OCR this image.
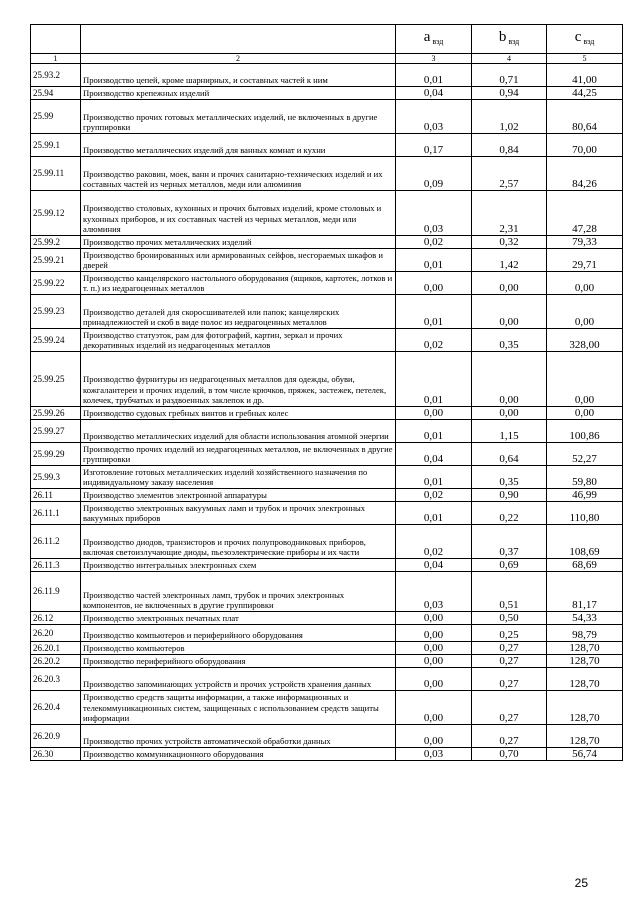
		a $_{вэд}$	b $_{вэд}$	c $_{вэд}$
1	2	3	4	5
25.93.2	Производство цепей, кроме шарнирных, и составных частей к ним	0,01	0,71	41,00
25.94	Производство крепежных изделий	0,04	0,94	44,25
25.99	Производство прочих готовых металлических изделий, не включенных в другие группировки	0,03	1,02	80,64
25.99.1	Производство металлических изделий для ванных комнат и кухни	0,17	0,84	70,00
25.99.11	Производство раковин, моек, ванн и прочих санитарно-технических изделий и их составных частей из черных металлов, меди или алюминия	0,09	2,57	84,26
25.99.12	Производство столовых, кухонных и прочих бытовых изделий, кроме столовых и кухонных приборов, и их составных частей из черных металлов, меди или алюминия	0,03	2,31	47,28
25.99.2	Производство прочих металлических изделий	0,02	0,32	79,33
25.99.21	Производство бронированных или армированных сейфов, несгораемых шкафов и дверей	0,01	1,42	29,71
25.99.22	Производство канцелярского настольного оборудования (ящиков, картотек, лотков и т. п.) из недрагоценных металлов	0,00	0,00	0,00
25.99.23	Производство деталей для скоросшивателей или папок; канцелярских принадлежностей и скоб в виде полос из недрагоценных металлов	0,01	0,00	0,00
25.99.24	Производство статуэток, рам для фотографий, картин, зеркал и прочих декоративных изделий из недрагоценных металлов	0,02	0,35	328,00
25.99.25	Производство фурнитуры из недрагоценных металлов для одежды, обуви, кожгалантереи и прочих изделий, в том числе крючков, пряжек, застежек, петелек, колечек, трубчатых и раздвоенных заклепок и др.	0,01	0,00	0,00
25.99.26	Производство судовых гребных винтов и гребных колес	0,00	0,00	0,00
25.99.27	Производство металлических изделий для области использования атомной энергии	0,01	1,15	100,86
25.99.29	Производство прочих изделий из недрагоценных металлов, не включенных в другие группировки	0,04	0,64	52,27
25.99.3	Изготовление готовых металлических изделий хозяйственного назначения по индивидуальному заказу населения	0,01	0,35	59,80
26.11	Производство элементов электронной аппаратуры	0,02	0,90	46,99
26.11.1	Производство электронных вакуумных ламп и трубок и прочих электронных вакуумных приборов	0,01	0,22	110,80
26.11.2	Производство диодов, транзисторов и прочих полупроводниковых приборов, включая светоизлучающие диоды, пьезоэлектрические приборы и их части	0,02	0,37	108,69
26.11.3	Производство интегральных электронных схем	0,04	0,69	68,69
26.11.9	Производство частей электронных ламп, трубок и прочих электронных компонентов, не включенных в другие группировки	0,03	0,51	81,17
26.12	Производство электронных печатных плат	0,00	0,50	54,33
26.20	Производство компьютеров и периферийного оборудования	0,00	0,25	98,79
26.20.1	Производство компьютеров	0,00	0,27	128,70
26.20.2	Производство периферийного оборудования	0,00	0,27	128,70
26.20.3	Производство запоминающих устройств и прочих устройств хранения данных	0,00	0,27	128,70
26.20.4	Производство средств защиты информации, а также информационных и телекоммуникационных систем, защищенных с использованием средств защиты информации	0,00	0,27	128,70
26.20.9	Производство прочих устройств автоматической обработки данных	0,00	0,27	128,70
26.30	Производство коммуникационного оборудования	0,03	0,70	56,74
25
